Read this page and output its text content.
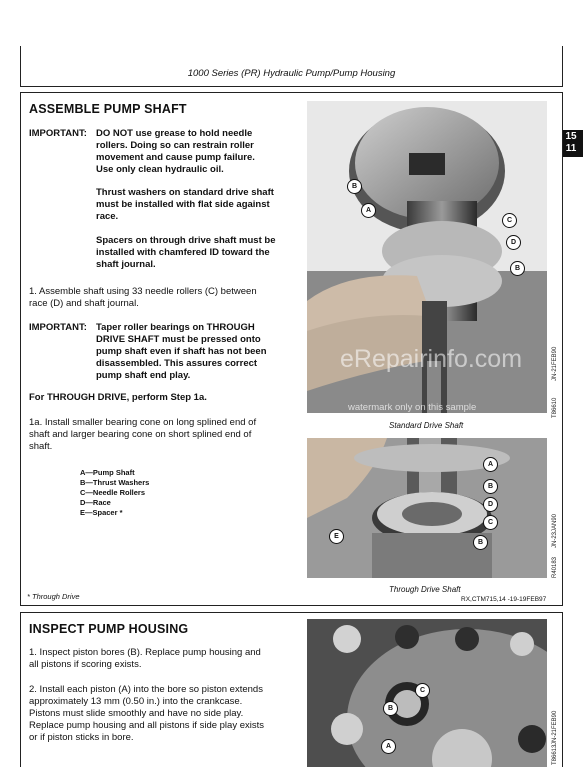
1000 Series (PR) Hydraulic Pump/Pump Housing
15
11
ASSEMBLE PUMP SHAFT
IMPORTANT: DO NOT use grease to hold needle
rollers. Doing so can restrain roller
movement and cause pump failure.
Use only clean hydraulic oil.
Thrust washers on standard drive shaft
must be installed with flat side against
race.
Spacers on through drive shaft must be
installed with chamfered ID toward the
shaft journal.
1. Assemble shaft using 33 needle rollers (C) between
race (D) and shaft journal.
IMPORTANT: Taper roller bearings on THROUGH
DRIVE SHAFT must be pressed onto
pump shaft even if shaft has not been
disassembled. This assures correct
pump shaft end play.
For THROUGH DRIVE, perform Step 1a.
1a. Install smaller bearing cone on long splined end of
shaft and larger bearing cone on short splined end of
shaft.
A—Pump Shaft
B—Thrust Washers
C—Needle Rollers
D—Race
E—Spacer *
* Through Drive
B
A
C
D
B
JN-21FEB90
T86610
Standard Drive Shaft
A
B
D
E
C
B	JN-23JAN90
R40183
Through Drive Shaft
RX,CTM715,14 -19-19FEB97
eRepairinfo.com
watermark only on this sample
INSPECT PUMP HOUSING
1. Inspect piston bores (B). Replace pump housing and
all pistons if scoring exists.
2. Install each piston (A) into the bore so piston extends
approximately 13 mm (0.50 in.) into the crankcase.
Pistons must slide smoothly and have no side play.
Replace pump housing and all pistons if side play exists
or if piston sticks in bore.
C
B
A
JN-21FEB90
T86613
